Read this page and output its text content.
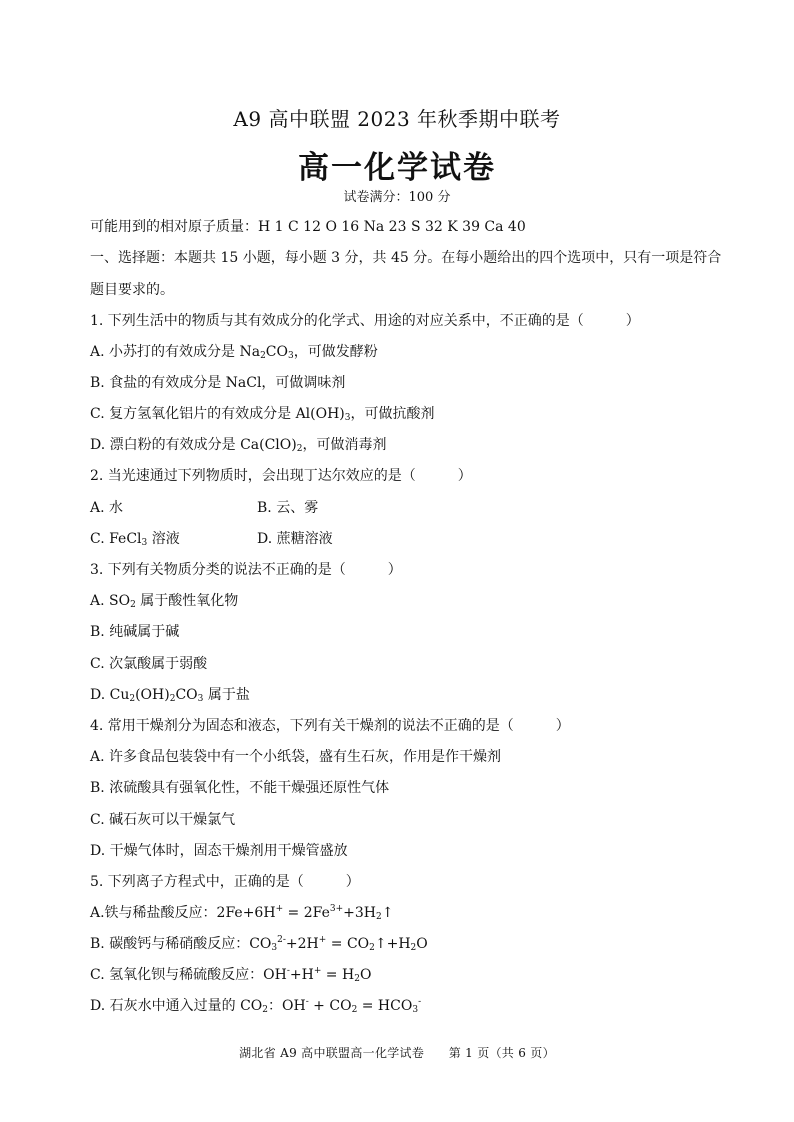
A9 高中联盟 2023 年秋季期中联考
高一化学试卷
试卷满分：100 分
可能用到的相对原子质量：H 1 C 12 O 16 Na 23 S 32 K 39 Ca 40
一、选择题：本题共 15 小题，每小题 3 分，共 45 分。在每小题给出的四个选项中，只有一项是符合
题目要求的。
1. 下列生活中的物质与其有效成分的化学式、用途的对应关系中，不正确的是（　　　）
A. 小苏打的有效成分是 $Na_2CO_3$，可做发酵粉
B. 食盐的有效成分是 NaCl，可做调味剂
C. 复方氢氧化铝片的有效成分是 $Al(OH)_3$，可做抗酸剂
D. 漂白粉的有效成分是 $Ca(ClO)_2$，可做消毒剂
2. 当光速通过下列物质时，会出现丁达尔效应的是（　　　）
A. 水	B. 云、雾
C. FeCl$_3$ 溶液	D. 蔗糖溶液
3. 下列有关物质分类的说法不正确的是（　　　）
A. $SO_2$ 属于酸性氧化物
B. 纯碱属于碱
C. 次氯酸属于弱酸
D. $Cu_2(OH)_2CO_3$ 属于盐
4. 常用干燥剂分为固态和液态，下列有关干燥剂的说法不正确的是（　　　）
A. 许多食品包装袋中有一个小纸袋，盛有生石灰，作用是作干燥剂
B. 浓硫酸具有强氧化性，不能干燥强还原性气体
C. 碱石灰可以干燥氯气
D. 干燥气体时，固态干燥剂用干燥管盛放
5. 下列离子方程式中，正确的是（　　　）
A.铁与稀盐酸反应：$2Fe+6H^+ = 2Fe^{3+}+3H_2↑$
B. 碳酸钙与稀硝酸反应：$CO_3^{2-}+2H^+$ = $CO_2↑+H_2O$
C. 氢氧化钡与稀硫酸反应：$OH^-+H^+ = H_2O$
D. 石灰水中通入过量的 $CO_2$：$OH^- + CO_2 = HCO_3^-$
湖北省 A9 高中联盟高一化学试卷　　第 1 页（共 6 页）
